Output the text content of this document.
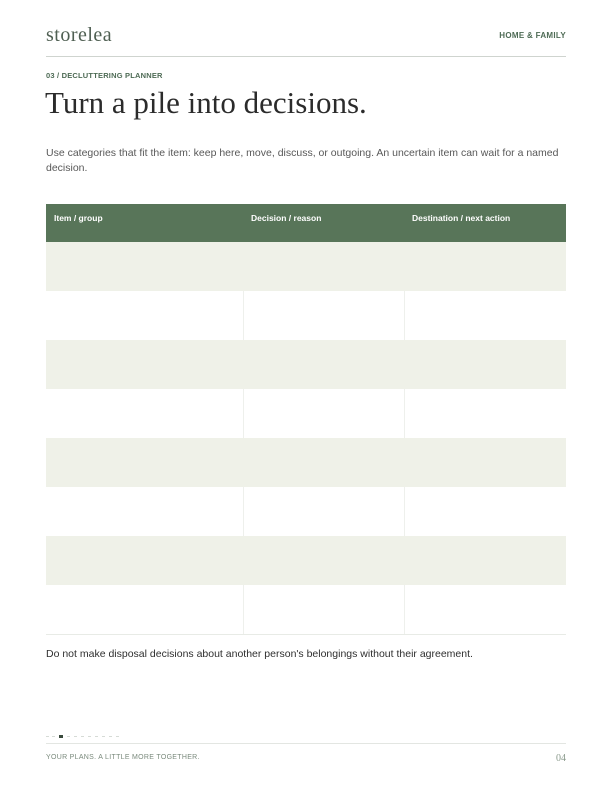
storelea	HOME & FAMILY
03 / DECLUTTERING PLANNER
Turn a pile into decisions.

Use categories that fit the item: keep here, move, discuss, or outgoing. An uncertain item can wait for a named decision.

Item / group	Decision / reason	Destination / next action

Do not make disposal decisions about another person's belongings without their agreement.

YOUR PLANS. A LITTLE MORE TOGETHER.	04
